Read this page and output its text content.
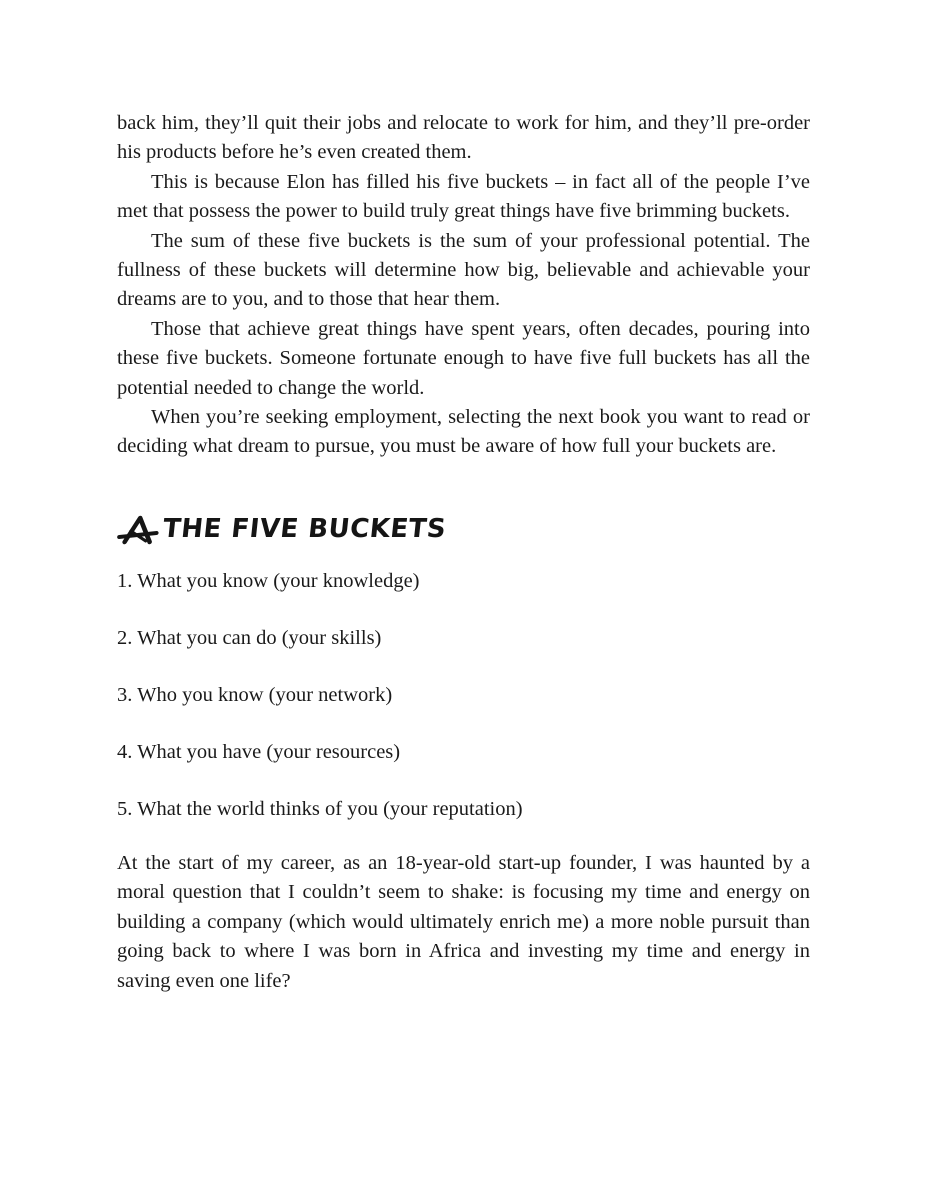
back him, they’ll quit their jobs and relocate to work for him, and they’ll pre-order his products before he’s even created them.

This is because Elon has filled his five buckets – in fact all of the people I’ve met that possess the power to build truly great things have five brimming buckets.

The sum of these five buckets is the sum of your professional potential. The fullness of these buckets will determine how big, believable and achievable your dreams are to you, and to those that hear them.

Those that achieve great things have spent years, often decades, pouring into these five buckets. Someone fortunate enough to have five full buckets has all the potential needed to change the world.

When you’re seeking employment, selecting the next book you want to read or deciding what dream to pursue, you must be aware of how full your buckets are.

THE FIVE BUCKETS
1. What you know (your knowledge)
2. What you can do (your skills)
3. Who you know (your network)
4. What you have (your resources)
5. What the world thinks of you (your reputation)

At the start of my career, as an 18-year-old start-up founder, I was haunted by a moral question that I couldn’t seem to shake: is focusing my time and energy on building a company (which would ultimately enrich me) a more noble pursuit than going back to where I was born in Africa and investing my time and energy in saving even one life?
